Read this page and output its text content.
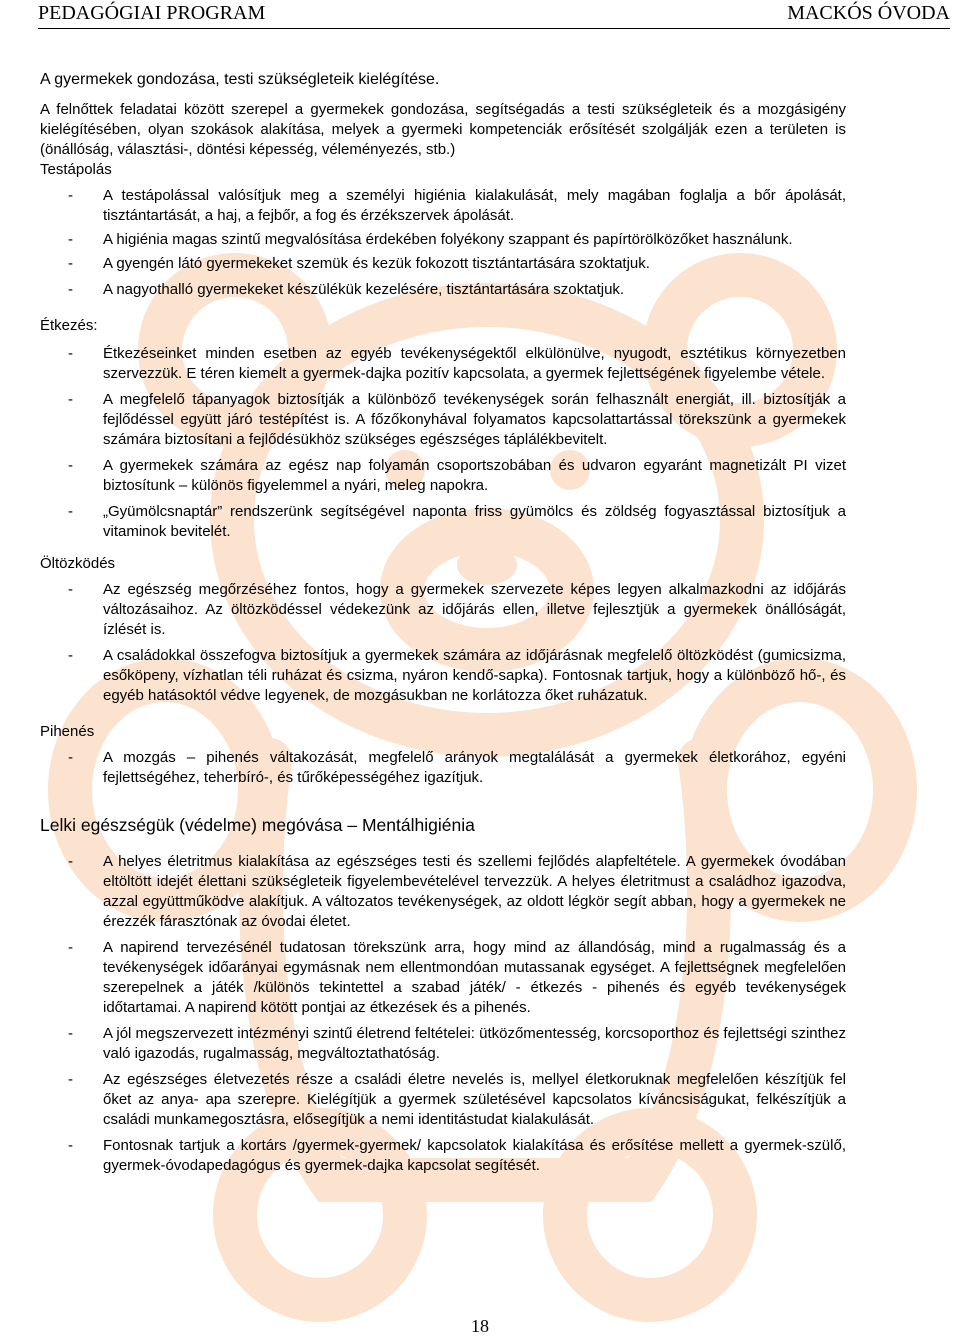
PEDAGÓGIAI PROGRAM	MACKÓS ÓVODA
A gyermekek gondozása, testi szükségleteik kielégítése.
A felnőttek feladatai között szerepel a gyermekek gondozása, segítségadás a testi szükségleteik és a mozgásigény kielégítésében, olyan szokások alakítása, melyek a gyermeki kompetenciák erősítését szolgálják ezen a területen is (önállóság, választási-, döntési képesség, véleményezés, stb.)
Testápolás
- A testápolással valósítjuk meg a személyi higiénia kialakulását, mely magában foglalja a bőr ápolását, tisztántartását, a haj, a fejbőr, a fog és érzékszervek ápolását.
- A higiénia magas szintű megvalósítása érdekében folyékony szappant és papírtörölközőket használunk.
- A gyengén látó gyermekeket szemük és kezük fokozott tisztántartására szoktatjuk.
- A nagyothalló gyermekeket készülékük kezelésére, tisztántartására szoktatjuk.
Étkezés:
- Étkezéseinket minden esetben az egyéb tevékenységektől elkülönülve, nyugodt, esztétikus környezetben szervezzük. E téren kiemelt a gyermek-dajka pozitív kapcsolata, a gyermek fejlettségének figyelembe vétele.
- A megfelelő tápanyagok biztosítják a különböző tevékenységek során felhasznált energiát, ill. biztosítják a fejlődéssel együtt járó testépítést is. A főzőkonyhával folyamatos kapcsolattartással törekszünk a gyermekek számára biztosítani a fejlődésükhöz szükséges egészséges táplálékbevitelt.
- A gyermekek számára az egész nap folyamán csoportszobában és udvaron egyaránt magnetizált PI vizet biztosítunk – különös figyelemmel a nyári, meleg napokra.
- „Gyümölcsnaptár” rendszerünk segítségével naponta friss gyümölcs és zöldség fogyasztással biztosítjuk a vitaminok bevitelét.
Öltözködés
- Az egészség megőrzéséhez fontos, hogy a gyermekek szervezete képes legyen alkalmazkodni az időjárás változásaihoz. Az öltözködéssel védekezünk az időjárás ellen, illetve fejlesztjük a gyermekek önállóságát, ízlését is.
- A családokkal összefogva biztosítjuk a gyermekek számára az időjárásnak megfelelő öltözködést (gumicsizma, esőköpeny, vízhatlan téli ruházat és csizma, nyáron kendő-sapka). Fontosnak tartjuk, hogy a különböző hő-, és egyéb hatásoktól védve legyenek, de mozgásukban ne korlátozza őket ruházatuk.
Pihenés
- A mozgás – pihenés váltakozását, megfelelő arányok megtalálását a gyermekek életkorához, egyéni fejlettségéhez, teherbíró-, és tűrőképességéhez igazítjuk.
Lelki egészségük (védelme) megóvása – Mentálhigiénia
- A helyes életritmus kialakítása az egészséges testi és szellemi fejlődés alapfeltétele. A gyermekek óvodában eltöltött idejét élettani szükségleteik figyelembevételével tervezzük. A helyes életritmust a családhoz igazodva, azzal együttműködve alakítjuk. A változatos tevékenységek, az oldott légkör segít abban, hogy a gyermekek ne érezzék fárasztónak az óvodai életet.
- A napirend tervezésénél tudatosan törekszünk arra, hogy mind az állandóság, mind a rugalmasság és a tevékenységek időarányai egymásnak nem ellentmondóan mutassanak egységet. A fejlettségnek megfelelően szerepelnek a játék /különös tekintettel a szabad játék/ - étkezés - pihenés és egyéb tevékenységek időtartamai. A napirend kötött pontjai az étkezések és a pihenés.
- A jól megszervezett intézményi szintű életrend feltételei: ütközőmentesség, korcsoporthoz és fejlettségi szinthez való igazodás, rugalmasság, megváltoztathatóság.
- Az egészséges életvezetés része a családi életre nevelés is, mellyel életkoruknak megfelelően készítjük fel őket az anya- apa szerepre. Kielégítjük a gyermek születésével kapcsolatos kíváncsiságukat, felkészítjük a családi munkamegosztásra, elősegítjük a nemi identitástudat kialakulását.
- Fontosnak tartjuk a kortárs /gyermek-gyermek/ kapcsolatok kialakítása és erősítése mellett a gyermek-szülő, gyermek-óvodapedagógus és gyermek-dajka kapcsolat segítését.
18
